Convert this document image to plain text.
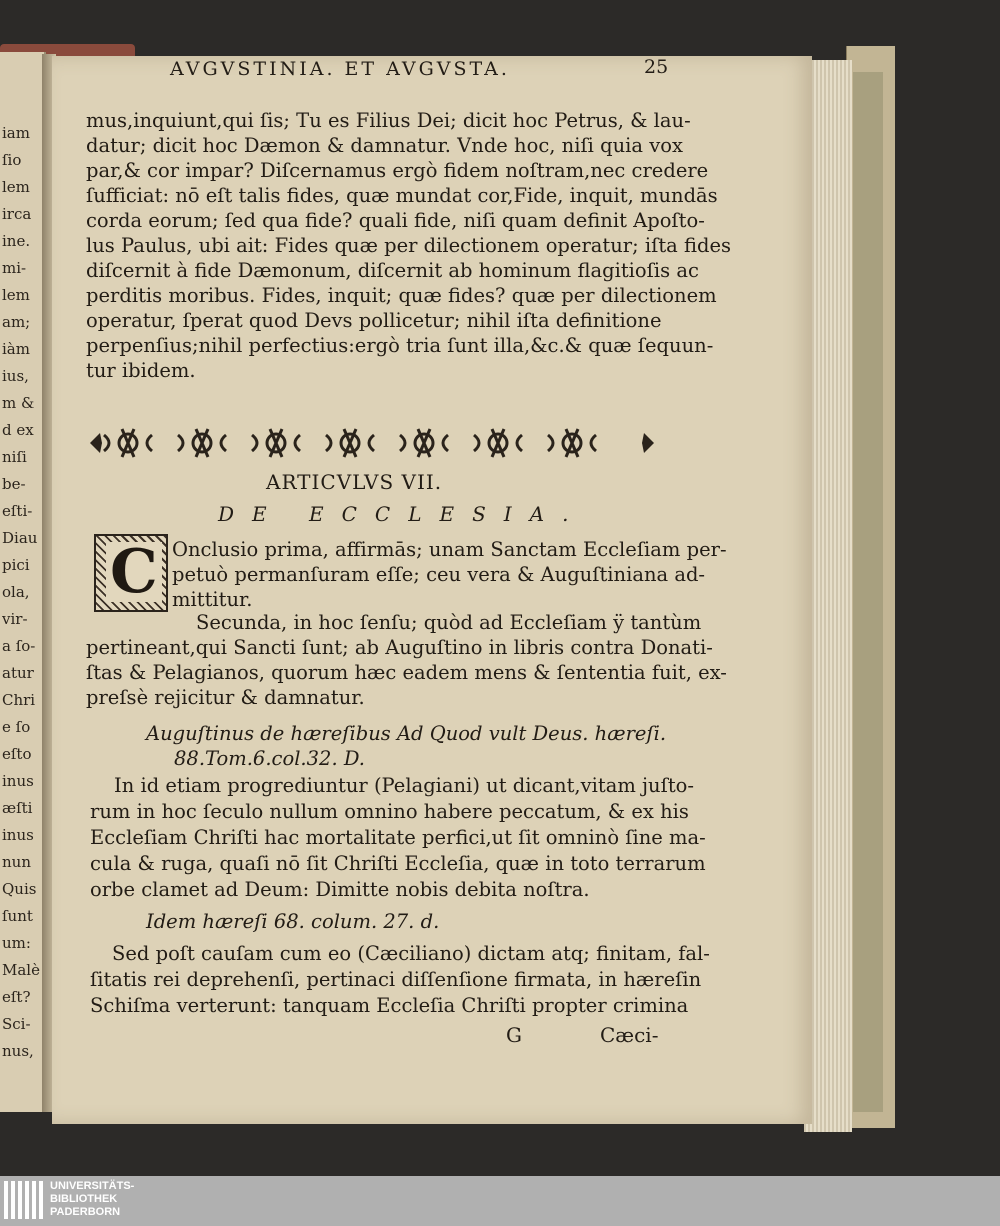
iam
ſio
lem
irca
ine.
mi-
lem
am;
iàm
ius,
m &
d ex
niſi
be-
eſti-
Diau
pici
ola,
vir-
a ſo-
atur
Chri
e ſo
eſto
inus
æſti
inus
nun
Quis
ſunt
um:
Malè
eſt?
Sci-
nus,
AVGVSTINIA. ET AVGVSTA.	25
mus,inquiunt,qui ſis; Tu es Filius Dei; dicit hoc Petrus, & lau-
datur; dicit hoc Dæmon & damnatur. Vnde hoc, niſi quia vox
par,& cor impar? Diſcernamus ergò fidem noſtram,nec credere
ſufficiat: nō eſt talis fides, quæ mundat cor,Fide, inquit, mundās
corda eorum; ſed qua fide? quali fide, niſi quam definit Apoſto-
lus Paulus, ubi ait: Fides quæ per dilectionem operatur; iſta fides
diſcernit à fide Dæmonum, diſcernit ab hominum flagitioſis ac
perditis moribus. Fides, inquit; quæ fides? quæ per dilectionem
operatur, ſperat quod Devs pollicetur; nihil iſta definitione
perpenſius;nihil perfectius:ergò tria ſunt illa,&c.& quæ ſequun-
tur ibidem.
ARTICVLVS VII.
DE ECCLESIA.
C Onclusio prima, affirmās; unam Sanctam Eccleſiam per-
petuò permanſuram eſſe; ceu vera & Auguſtiniana ad-
mittitur.
Secunda, in hoc ſenſu; quòd ad Eccleſiam ÿ tantùm
pertineant,qui Sancti ſunt; ab Auguſtino in libris contra Donati-
ſtas & Pelagianos, quorum hæc eadem mens & ſententia fuit, ex-
preſsè rejicitur & damnatur.
Auguſtinus de hæreſibus Ad Quod vult Deus. hæreſi.
88.Tom.6.col.32. D.
In id etiam progrediuntur (Pelagiani) ut dicant,vitam juſto-
rum in hoc ſeculo nullum omnino habere peccatum, & ex his
Eccleſiam Chriſti hac mortalitate perfici,ut ſit omninò ſine ma-
cula & ruga, quaſi nō ſit Chriſti Eccleſia, quæ in toto terrarum
orbe clamet ad Deum: Dimitte nobis debita noſtra.
Idem hæreſi 68. colum. 27. d.
Sed poſt cauſam cum eo (Cæciliano) dictam atq; finitam, fal-
ſitatis rei deprehenſi, pertinaci diſſenſione firmata, in hæreſin
Schiſma verterunt: tanquam Eccleſia Chriſti propter crimina
G	Cæci-
UNIVERSITÄTS-
BIBLIOTHEK
PADERBORN
